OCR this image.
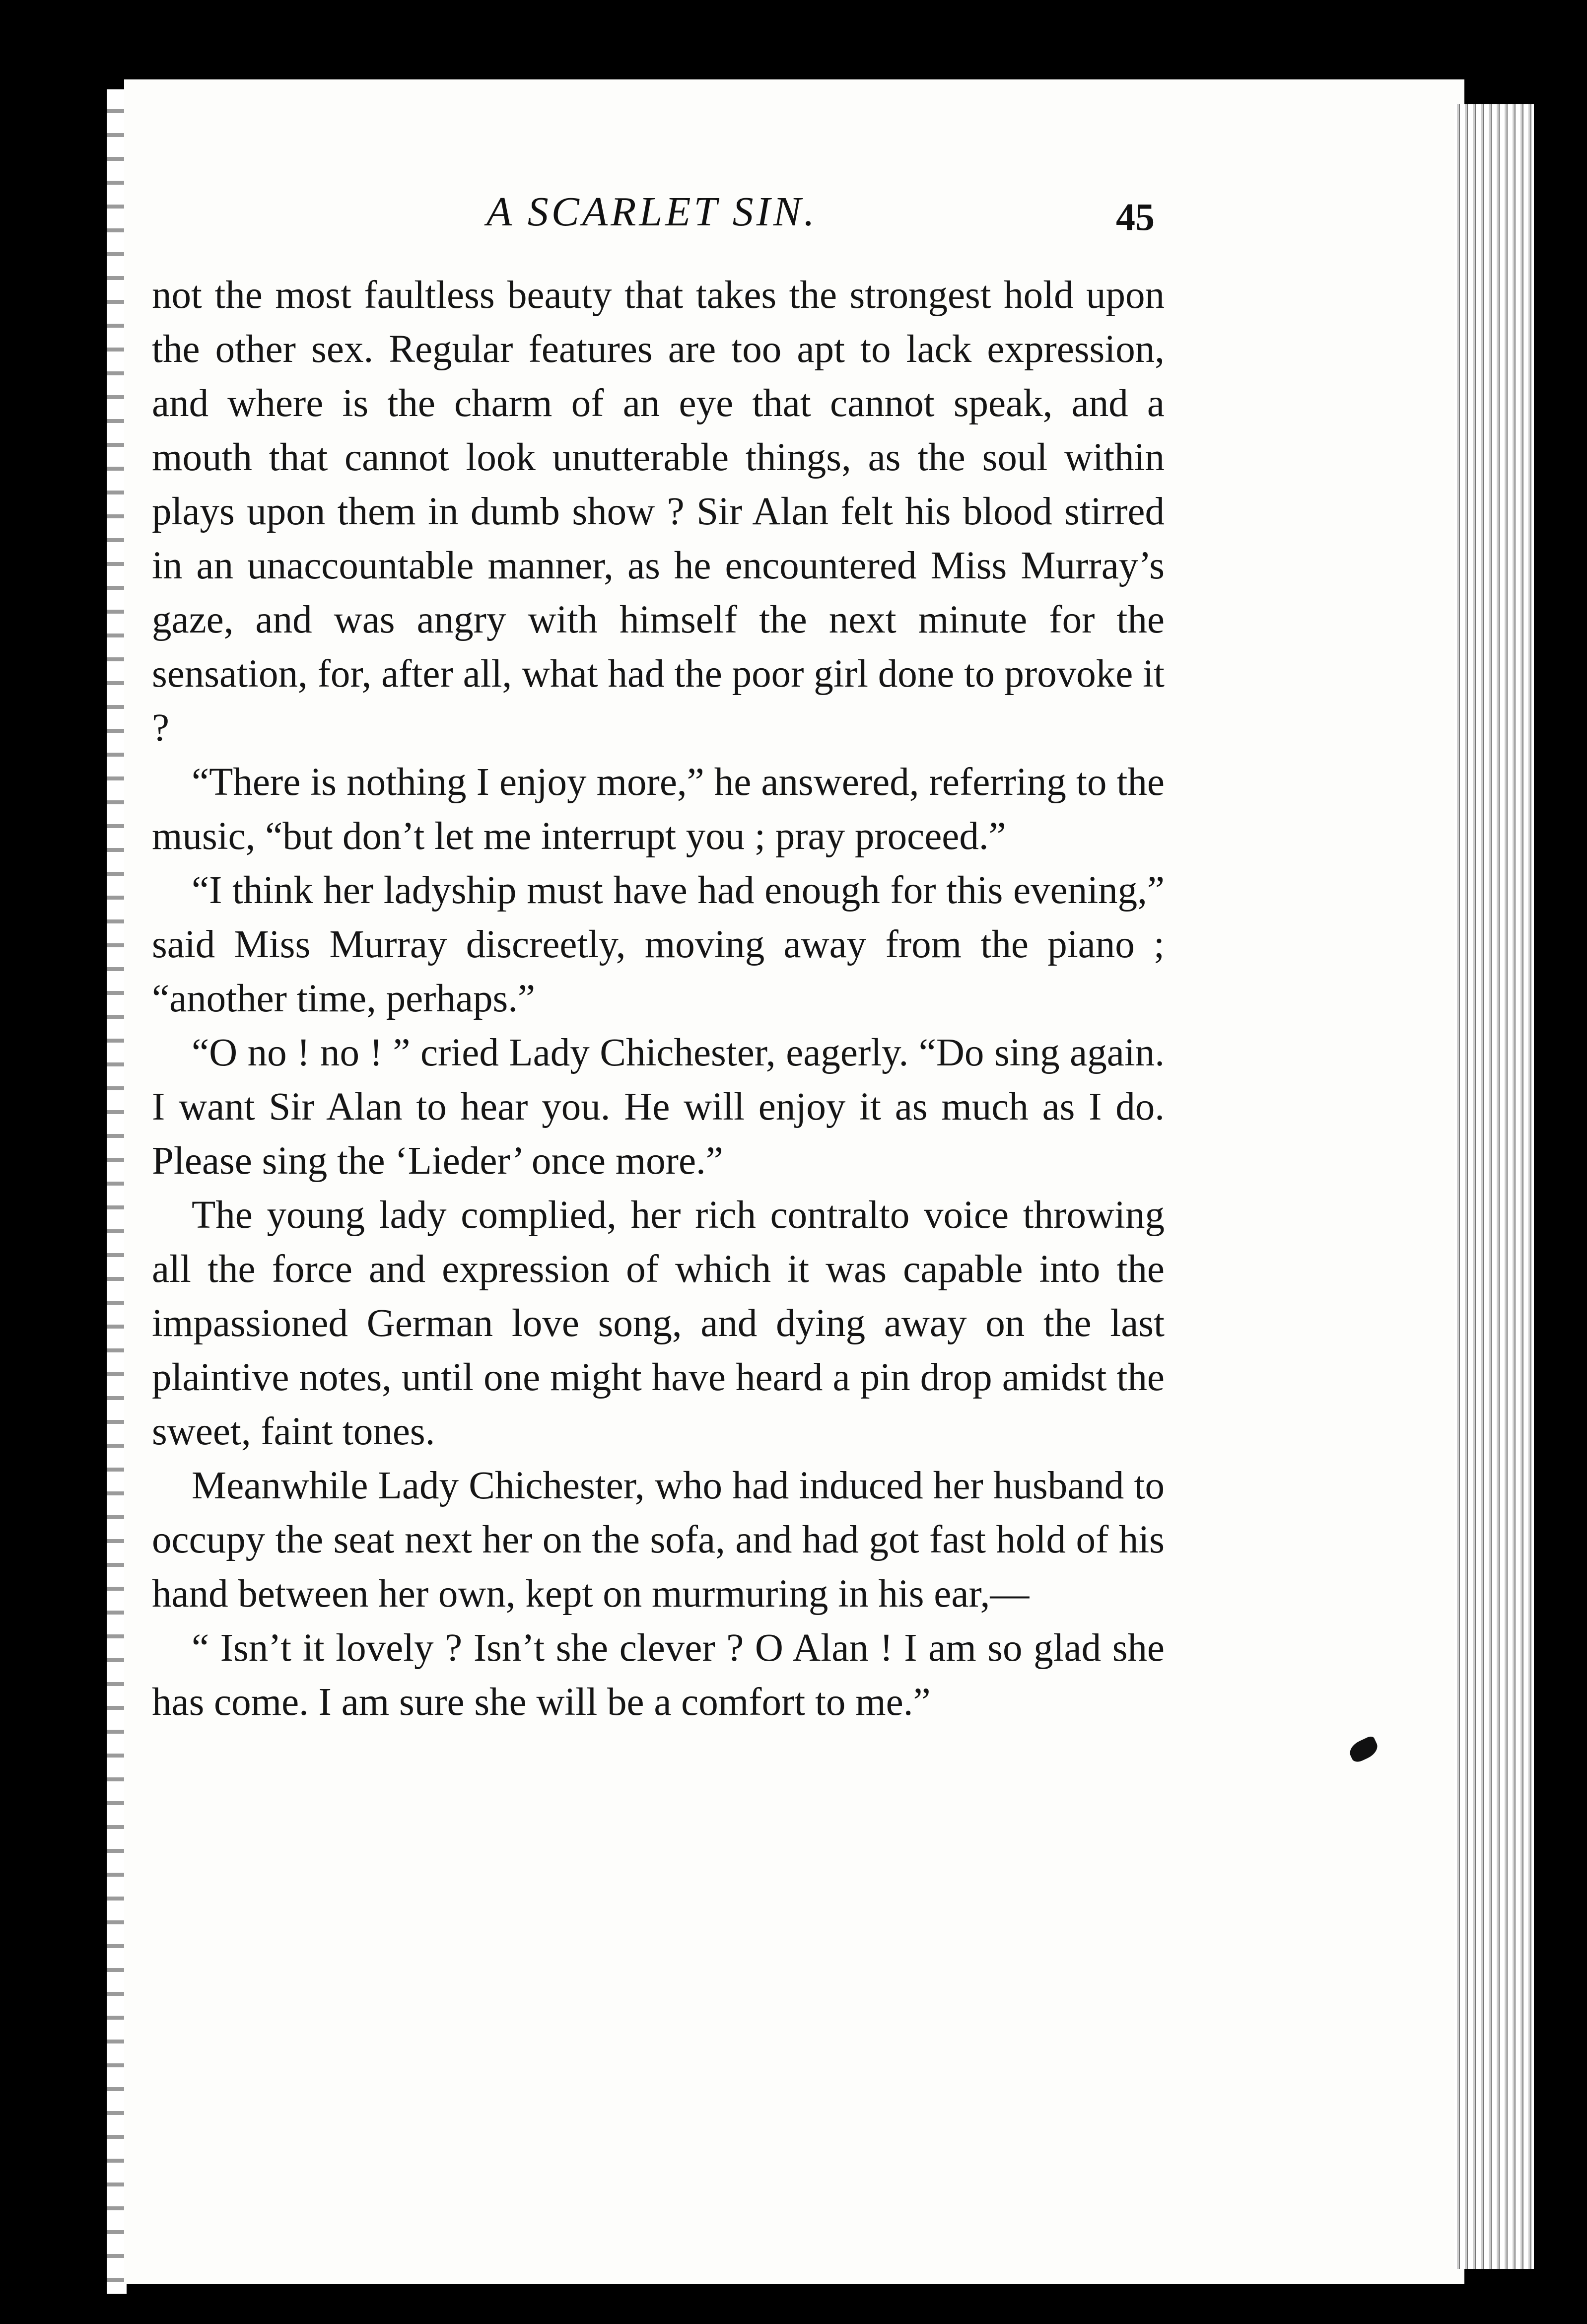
A SCARLET SIN.	45

not the most faultless beauty that takes the strongest hold upon the other sex. Regular features are too apt to lack expression, and where is the charm of an eye that cannot speak, and a mouth that cannot look unutterable things, as the soul within plays upon them in dumb show ? Sir Alan felt his blood stirred in an unaccountable manner, as he encountered Miss Murray’s gaze, and was angry with himself the next minute for the sensation, for, after all, what had the poor girl done to provoke it ?

“There is nothing I enjoy more,” he answered, referring to the music, “but don’t let me interrupt you ; pray proceed.”

“I think her ladyship must have had enough for this evening,” said Miss Murray discreetly, moving away from the piano ; “another time, perhaps.”

“O no ! no ! ” cried Lady Chichester, eagerly. “Do sing again. I want Sir Alan to hear you. He will enjoy it as much as I do. Please sing the ‘Lieder’ once more.”

The young lady complied, her rich contralto voice throwing all the force and expression of which it was capable into the impassioned German love song, and dying away on the last plaintive notes, until one might have heard a pin drop amidst the sweet, faint tones.

Meanwhile Lady Chichester, who had induced her husband to occupy the seat next her on the sofa, and had got fast hold of his hand between her own, kept on murmuring in his ear,—

“ Isn’t it lovely ? Isn’t she clever ? O Alan ! I am so glad she has come. I am sure she will be a comfort to me.”
